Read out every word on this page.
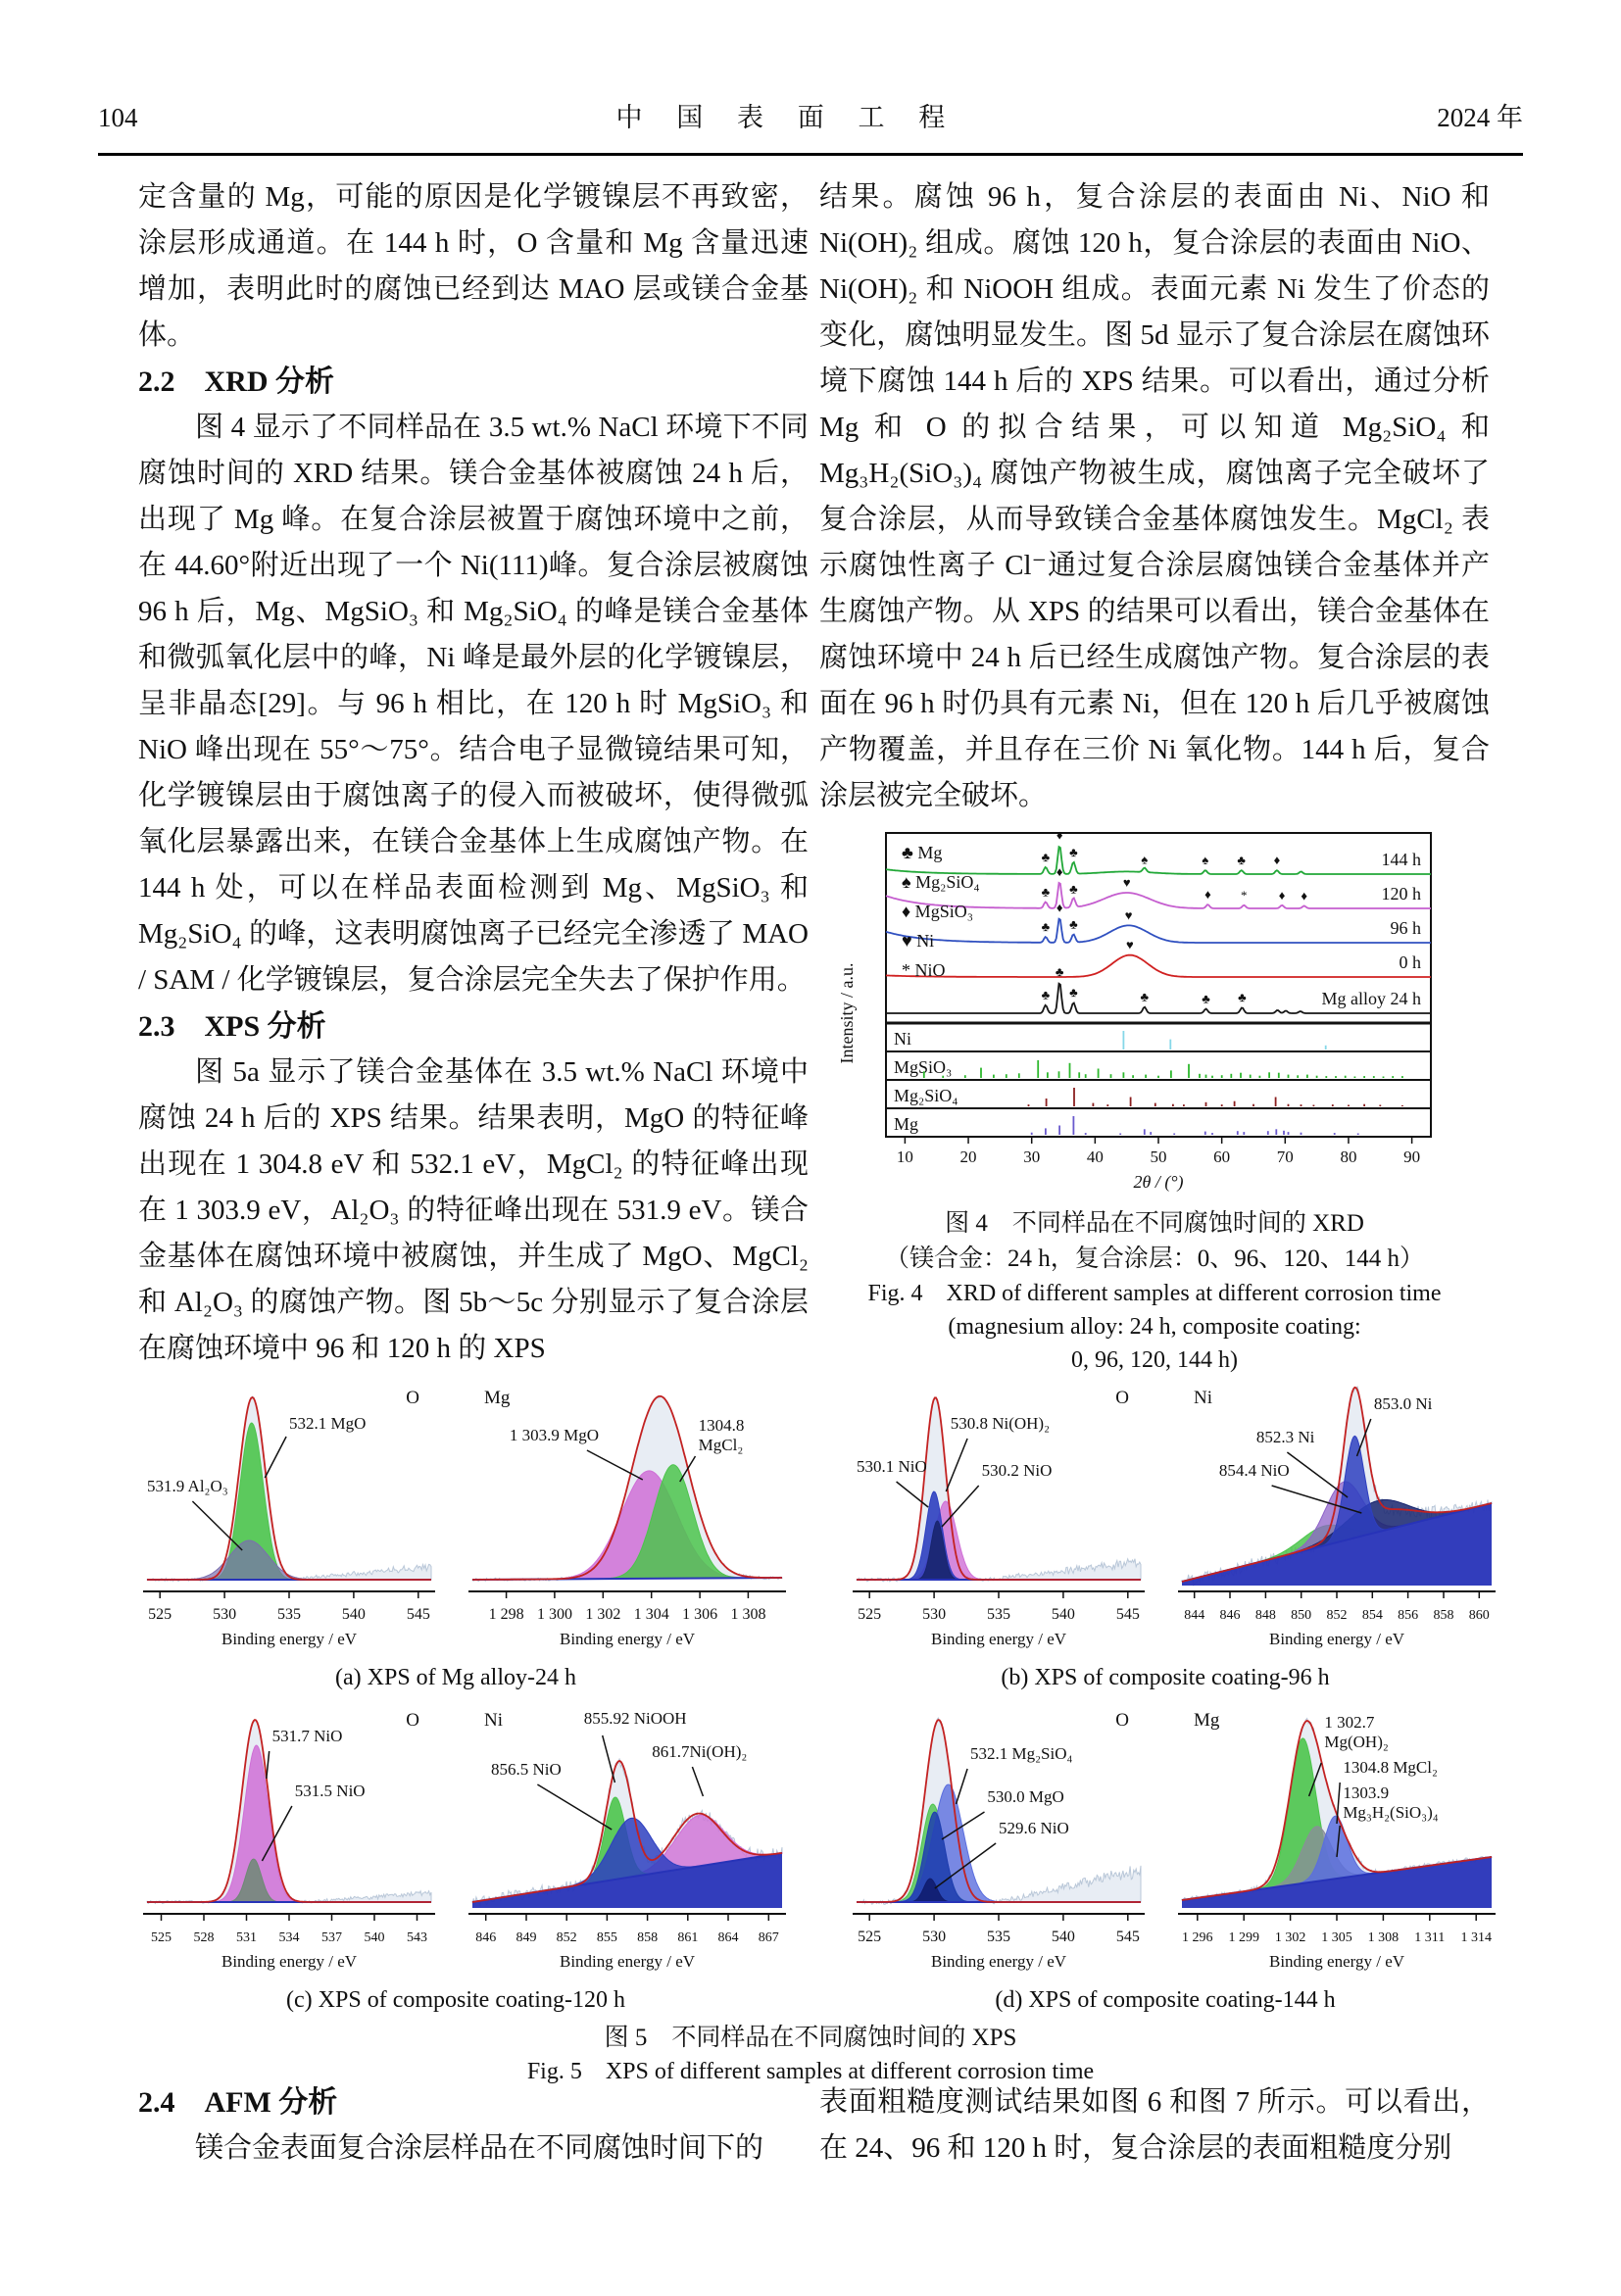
104	中 国 表 面 工 程	2024 年

定含量的 Mg，可能的原因是化学镀镍层不再致密，涂层形成通道。在 144 h 时，O 含量和 Mg 含量迅速增加，表明此时的腐蚀已经到达 MAO 层或镁合金基体。

2.2　XRD 分析

图 4 显示了不同样品在 3.5 wt.% NaCl 环境下不同腐蚀时间的 XRD 结果。镁合金基体被腐蚀 24 h 后，出现了 Mg 峰。在复合涂层被置于腐蚀环境中之前，在 44.60°附近出现了一个 Ni(111)峰。复合涂层被腐蚀 96 h 后，Mg、MgSiO₃ 和 Mg₂SiO₄ 的峰是镁合金基体和微弧氧化层中的峰，Ni 峰是最外层的化学镀镍层，呈非晶态[29]。与 96 h 相比，在 120 h 时 MgSiO₃ 和 NiO 峰出现在 55°～75°。结合电子显微镜结果可知，化学镀镍层由于腐蚀离子的侵入而被破坏，使得微弧氧化层暴露出来，在镁合金基体上生成腐蚀产物。在 144 h 处，可以在样品表面检测到 Mg、MgSiO₃ 和 Mg₂SiO₄ 的峰，这表明腐蚀离子已经完全渗透了 MAO / SAM / 化学镀镍层，复合涂层完全失去了保护作用。

2.3　XPS 分析

图 5a 显示了镁合金基体在 3.5 wt.% NaCl 环境中腐蚀 24 h 后的 XPS 结果。结果表明，MgO 的特征峰出现在 1 304.8 eV 和 532.1 eV，MgCl₂ 的特征峰出现在 1 303.9 eV，Al₂O₃ 的特征峰出现在 531.9 eV。镁合金基体在腐蚀环境中被腐蚀，并生成了 MgO、MgCl₂ 和 Al₂O₃ 的腐蚀产物。图 5b～5c 分别显示了复合涂层在腐蚀环境中 96 和 120 h 的 XPS

结果。腐蚀 96 h，复合涂层的表面由 Ni、NiO 和 Ni(OH)₂ 组成。腐蚀 120 h，复合涂层的表面由 NiO、Ni(OH)₂ 和 NiOOH 组成。表面元素 Ni 发生了价态的变化，腐蚀明显发生。图 5d 显示了复合涂层在腐蚀环境下腐蚀 144 h 后的 XPS 结果。可以看出，通过分析 Mg 和 O 的拟合结果，可以知道 Mg₂SiO₄ 和 Mg₃H₂(SiO₃)₄ 腐蚀产物被生成，腐蚀离子完全破坏了复合涂层，从而导致镁合金基体腐蚀发生。MgCl₂ 表示腐蚀性离子 Cl⁻通过复合涂层腐蚀镁合金基体并产生腐蚀产物。从 XPS 的结果可以看出，镁合金基体在腐蚀环境中 24 h 后已经生成腐蚀产物。复合涂层的表面在 96 h 时仍具有元素 Ni，但在 120 h 后几乎被腐蚀产物覆盖，并且存在三价 Ni 氧化物。144 h 后，复合涂层被完全破坏。

Intensity / a.u.
♣
♦
♣
♠	♠ ♣ ♦	144 h
♣
♦
♣	♦ * ♦ ♦
♥
120 h
♣
♦
♣
♥
96 h
♥
0 h
♣
♣
♣	♣	♣ ♣	Mg alloy 24 h
♣ Mg
♠ Mg₂SiO₄
♦ MgSiO₃
♥ Ni
* NiO
Ni
MgSiO₃
Mg₂SiO₄
Mg
10	20	30	40	50	60	70	80	90
2θ / (°)
图 4　不同样品在不同腐蚀时间的 XRD
（镁合金：24 h，复合涂层：0、96、120、144 h）
Fig. 4　XRD of different samples at different corrosion time
(magnesium alloy: 24 h, composite coating:
0, 96, 120, 144 h)
525	530	535	540	545
Binding energy / eV
532.1 MgO
531.9 Al₂O₃
O
1 298 1 300 1 302 1 304 1 306 1 308
Binding energy / eV
1 303.9 MgO
1304.8
MgCl₂
Mg
(a) XPS of Mg alloy-24 h
525	530	535	540	545
Binding energy / eV
530.1 NiO
530.8 Ni(OH)₂
530.2 NiO
O
844 846 848 850 852 854 856 858 860
Binding energy / eV
853.0 Ni
852.3 Ni
854.4 NiO
Ni
(b) XPS of composite coating-96 h
525 528 531 534 537 540 543
Binding energy / eV
531.7 NiO
531.5 NiO
O
846 849 852 855 858 861 864 867
Binding energy / eV
855.92 NiOOH
856.5 NiO
861.7Ni(OH)₂
Ni
(c) XPS of composite coating-120 h
525	530	535	540	545
Binding energy / eV
532.1 Mg₂SiO₄
530.0 MgO
529.6 NiO
O
1 296 1 299 1 302 1 305 1 308 1 311 1 314
Binding energy / eV
1 302.7
Mg(OH)₂
1304.8 MgCl₂
1303.9
Mg₃H₂(SiO₃)₄
Mg
(d) XPS of composite coating-144 h
图 5　不同样品在不同腐蚀时间的 XPS
Fig. 5　XPS of different samples at different corrosion time
2.4　AFM 分析

镁合金表面复合涂层样品在不同腐蚀时间下的

表面粗糙度测试结果如图 6 和图 7 所示。可以看出，在 24、96 和 120 h 时，复合涂层的表面粗糙度分别
